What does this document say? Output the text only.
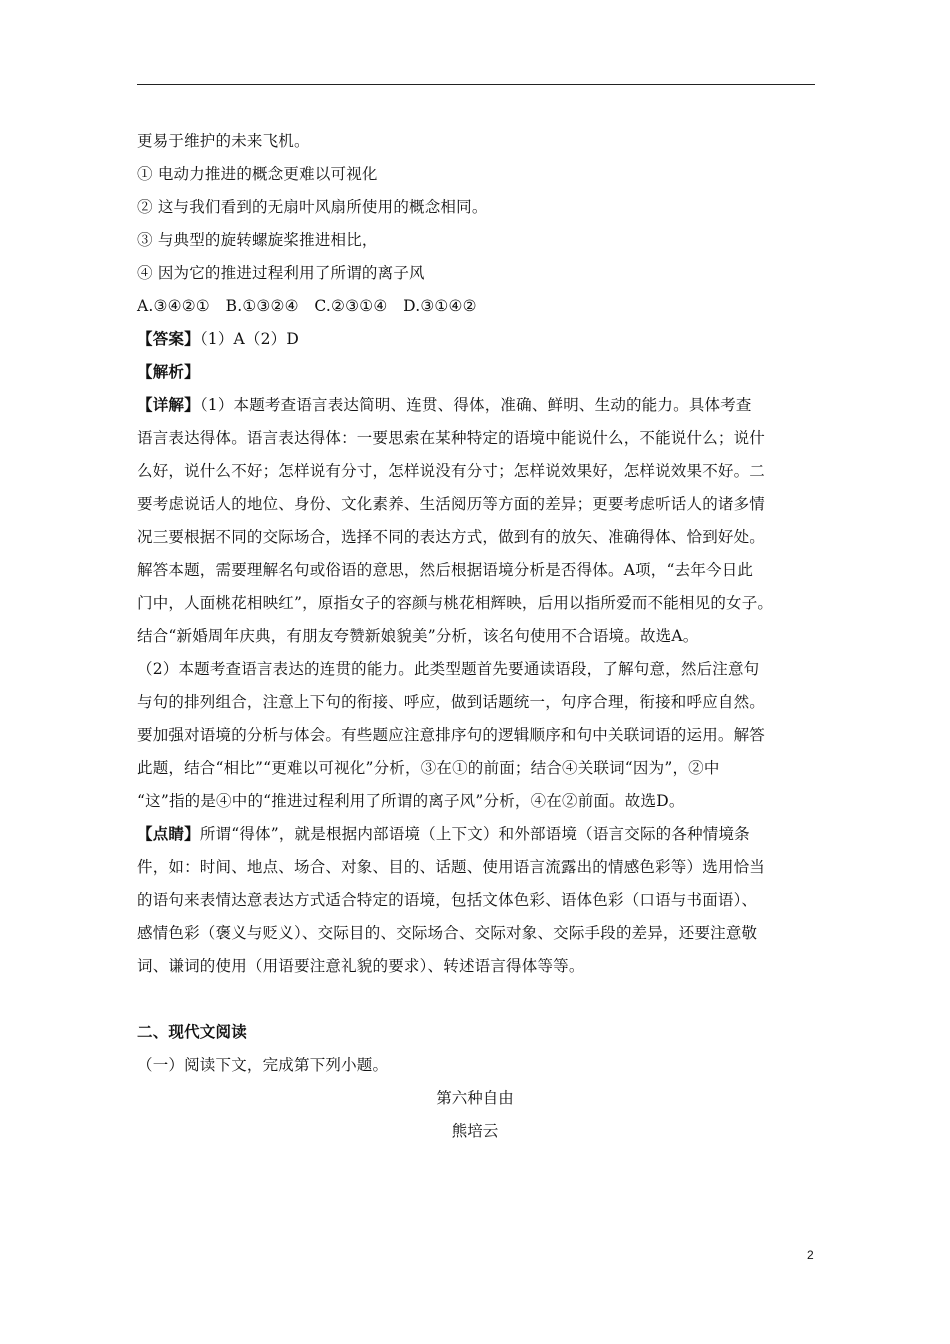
更易于维护的未来飞机。
① 电动力推进的概念更难以可视化
② 这与我们看到的无扇叶风扇所使用的概念相同。
③ 与典型的旋转螺旋桨推进相比，
④ 因为它的推进过程利用了所谓的离子风
A.③④②①　B.①③②④　C.②③①④　D.③①④②
【答案】（1）A（2）D
【解析】
【详解】（1）本题考查语言表达简明、连贯、得体，准确、鲜明、生动的能力。具体考查
语言表达得体。语言表达得体：一要思索在某种特定的语境中能说什么，不能说什么；说什
么好，说什么不好；怎样说有分寸，怎样说没有分寸；怎样说效果好，怎样说效果不好。二
要考虑说话人的地位、身份、文化素养、生活阅历等方面的差异；更要考虑听话人的诸多情
况三要根据不同的交际场合，选择不同的表达方式，做到有的放矢、准确得体、恰到好处。
解答本题，需要理解名句或俗语的意思，然后根据语境分析是否得体。A项，“去年今日此
门中，人面桃花相映红”，原指女子的容颜与桃花相辉映，后用以指所爱而不能相见的女子。
结合“新婚周年庆典，有朋友夸赞新娘貌美”分析，该名句使用不合语境。故选A。
（2）本题考查语言表达的连贯的能力。此类型题首先要通读语段，了解句意，然后注意句
与句的排列组合，注意上下句的衔接、呼应，做到话题统一，句序合理，衔接和呼应自然。
要加强对语境的分析与体会。有些题应注意排序句的逻辑顺序和句中关联词语的运用。解答
此题，结合“相比”“更难以可视化”分析，③在①的前面；结合④关联词“因为”，②中
“这”指的是④中的“推进过程利用了所谓的离子风”分析，④在②前面。故选D。
【点睛】所谓“得体”，就是根据内部语境（上下文）和外部语境（语言交际的各种情境条
件，如：时间、地点、场合、对象、目的、话题、使用语言流露出的情感色彩等）选用恰当
的语句来表情达意表达方式适合特定的语境，包括文体色彩、语体色彩（口语与书面语）、
感情色彩（褒义与贬义）、交际目的、交际场合、交际对象、交际手段的差异，还要注意敬
词、谦词的使用（用语要注意礼貌的要求）、转述语言得体等等。
二、现代文阅读
（一）阅读下文，完成第下列小题。
第六种自由
熊培云
2
